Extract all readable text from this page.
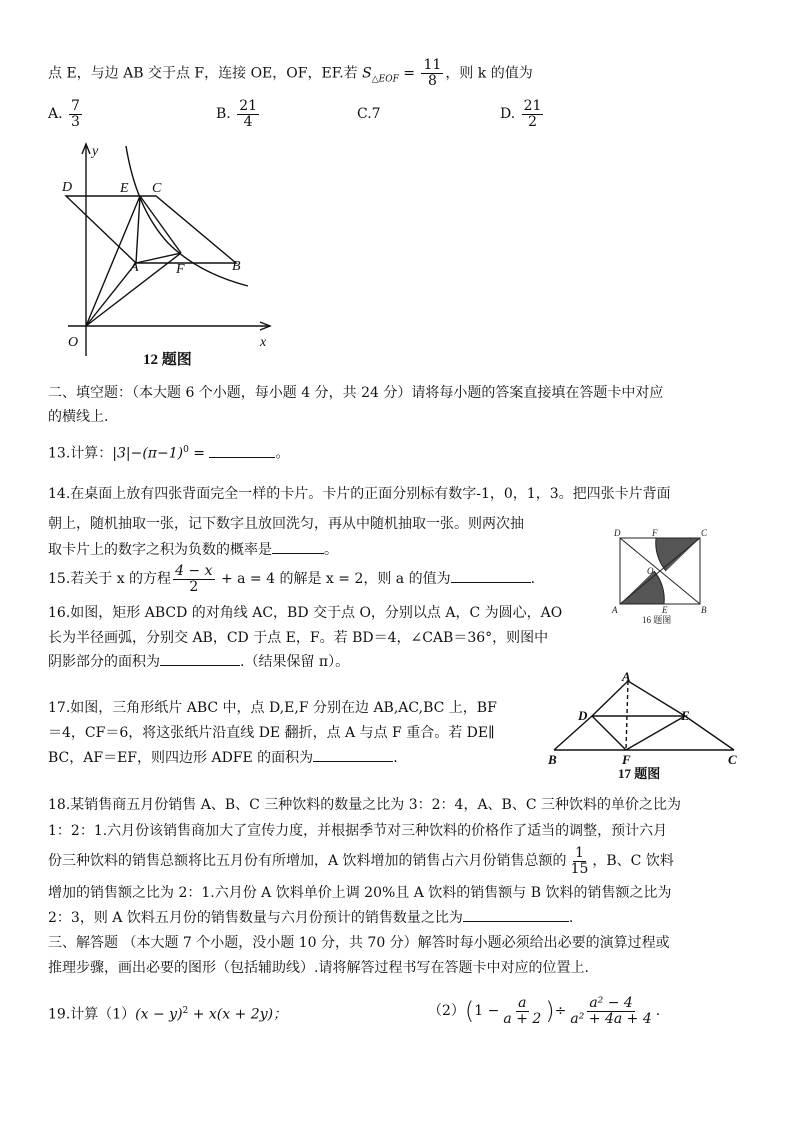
点 E，与边 AB 交于点 F，连接 OE，OF，EF.若 $S_{\triangle EOF} = \frac{11}{8}$ ，则 k 的值为
A. $\frac{7}{3}$	B. $\frac{21}{4}$	C.7	D. $\frac{21}{2}$
y
x
O
D	E C
A	F	B
12 题图
二、填空题：（本大题 6 个小题，每小题 4 分，共 24 分）请将每小题的答案直接填在答题卡中对应
的横线上.
13.计算：$|3|-(\pi-1)^0$ =	。
14.在桌面上放有四张背面完全一样的卡片。卡片的正面分别标有数字-1，0，1，3。把四张卡片背面
朝上，随机抽取一张，记下数字且放回洗匀，再从中随机抽取一张。则两次抽
取卡片上的数字之积为负数的概率是	。
15.若关于 x 的方程 $\frac{4 - x}{2} + a = 4$ 的解是 x = 2，则 a 的值为	.
D	F	C
O
A	E	B
16 题图
16.如图，矩形 ABCD 的对角线 AC，BD 交于点 O，分别以点 A，C 为圆心，AO
长为半径画弧，分别交 AB，CD 于点 E，F。若 BD＝4，∠CAB＝36°，则图中
阴影部分的面积为	.（结果保留 π）。
A
D	E
B	F	C
17 题图
17.如图，三角形纸片 ABC 中，点 D,E,F 分别在边 AB,AC,BC 上，BF
＝4，CF＝6，将这张纸片沿直线 DE 翻折，点 A 与点 F 重合。若 DE∥
BC，AF＝EF，则四边形 ADFE 的面积为	.
18.某销售商五月份销售 A、B、C 三种饮料的数量之比为 3：2：4，A、B、C 三种饮料的单价之比为
1：2：1.六月份该销售商加大了宣传力度，并根据季节对三种饮料的价格作了适当的调整，预计六月
份三种饮料的销售总额将比五月份有所增加，A 饮料增加的销售占六月份销售总额的 $\frac{1}{15}$ ，B、C 饮料
增加的销售额之比为 2：1.六月份 A 饮料单价上调 20%且 A 饮料的销售额与 B 饮料的销售额之比为
2：3，则 A 饮料五月份的销售数量与六月份预计的销售数量之比为	.
三、解答题 （本大题 7 个小题，没小题 10 分，共 70 分）解答时每小题必须给出必要的演算过程或
推理步骤，画出必要的图形（包括辅助线）.请将解答过程书写在答题卡中对应的位置上.
19.计算$(1)(x - y)^2 + x(x + 2y)$；	$(2)(1 - \frac{a}{a + 2}$ )÷ $\frac{\text{a² − 4}}{\text{a² + 4a + 4}}$ .
